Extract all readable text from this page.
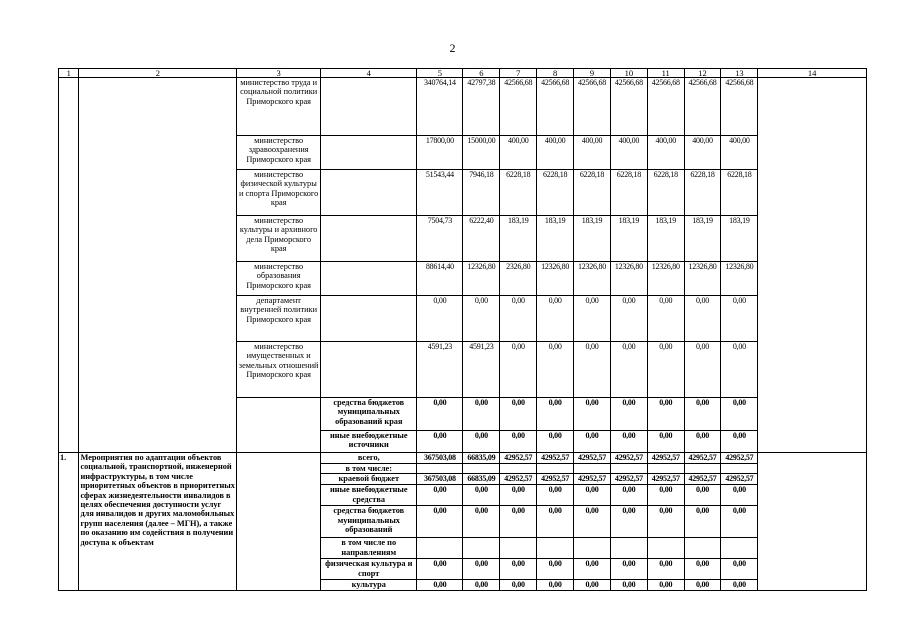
2
1	2	3	4	5	6	7	8	9	10	11	12	13	14
		министерство труда и социальной политики Приморского края		340764,14	42797,38	42566,68	42566,68	42566,68	42566,68	42566,68	42566,68	42566,68	
		министерство здравоохранения Приморского края		17800,00	15000,00	400,00	400,00	400,00	400,00	400,00	400,00	400,00	
		министерство физической культуры и спорта Приморского края		51543,44	7946,18	6228,18	6228,18	6228,18	6228,18	6228,18	6228,18	6228,18	
		министерство культуры и архивного дела Приморского края		7504,73	6222,40	183,19	183,19	183,19	183,19	183,19	183,19	183,19	
		министерство образования Приморского края		88614,40	12326,80	2326,80	12326,80	12326,80	12326,80	12326,80	12326,80	12326,80	
		департамент внутренней политики Приморского края		0,00	0,00	0,00	0,00	0,00	0,00	0,00	0,00	0,00	
		министерство имущественных и земельных отношений Приморского края		4591,23	4591,23	0,00	0,00	0,00	0,00	0,00	0,00	0,00	
			средства бюджетов муниципальных образований края	0,00	0,00	0,00	0,00	0,00	0,00	0,00	0,00	0,00	
			иные внебюджетные источники	0,00	0,00	0,00	0,00	0,00	0,00	0,00	0,00	0,00	
1.	Мероприятия по адаптации объектов социальной, транспортной, инженерной инфраструктуры, в том числе приоритетных объектов в приоритетных сферах жизнедеятельности инвалидов в целях обеспечения доступности услуг для инвалидов и других маломобильных групп населения (далее – МГН), а также по оказанию им содействия в получении доступа к объектам		всего,	367503,08	66835,09	42952,57	42952,57	42952,57	42952,57	42952,57	42952,57	42952,57	
			в том числе:										
			краевой бюджет	367503,08	66835,09	42952,57	42952,57	42952,57	42952,57	42952,57	42952,57	42952,57	
			иные внебюджетные средства	0,00	0,00	0,00	0,00	0,00	0,00	0,00	0,00	0,00	
			средства бюджетов муниципальных образований	0,00	0,00	0,00	0,00	0,00	0,00	0,00	0,00	0,00	
			в том числе по направлениям										
			физическая культура и спорт	0,00	0,00	0,00	0,00	0,00	0,00	0,00	0,00	0,00	
			культура	0,00	0,00	0,00	0,00	0,00	0,00	0,00	0,00	0,00	
